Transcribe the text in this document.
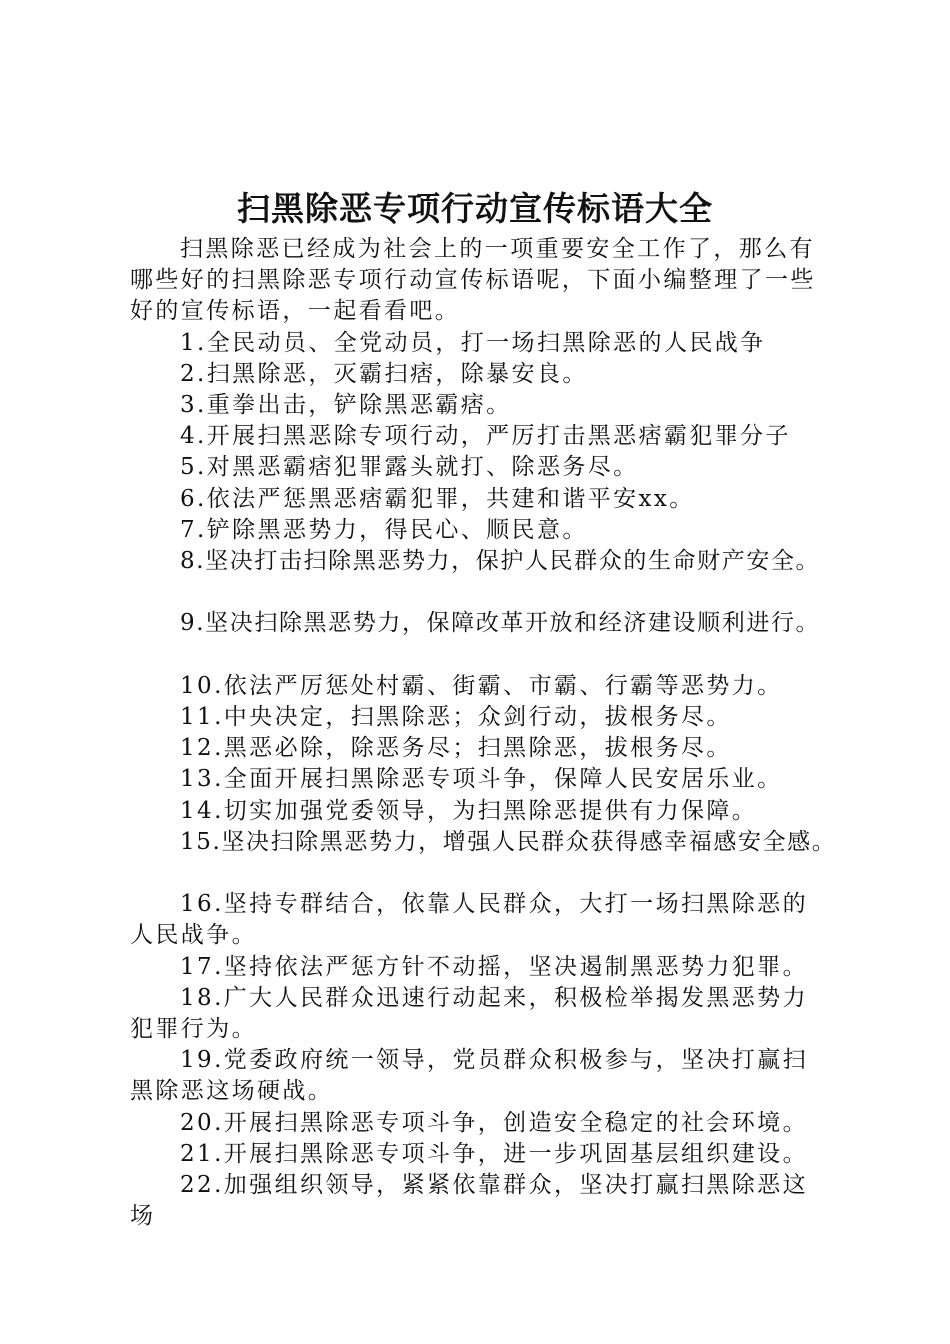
扫黑除恶专项行动宣传标语大全

扫黑除恶已经成为社会上的一项重要安全工作了，那么有哪些好的扫黑除恶专项行动宣传标语呢，下面小编整理了一些好的宣传标语，一起看看吧。

1.全民动员、全党动员，打一场扫黑除恶的人民战争

2.扫黑除恶，灭霸扫痞，除暴安良。

3.重拳出击，铲除黑恶霸痞。

4.开展扫黑恶除专项行动，严厉打击黑恶痞霸犯罪分子

5.对黑恶霸痞犯罪露头就打、除恶务尽。

6.依法严惩黑恶痞霸犯罪，共建和谐平安xx。

7.铲除黑恶势力，得民心、顺民意。

8.坚决打击扫除黑恶势力，保护人民群众的生命财产安全。

9.坚决扫除黑恶势力，保障改革开放和经济建设顺利进行。

10.依法严厉惩处村霸、街霸、市霸、行霸等恶势力。

11.中央决定，扫黑除恶；众剑行动，拔根务尽。

12.黑恶必除，除恶务尽；扫黑除恶，拔根务尽。

13.全面开展扫黑除恶专项斗争，保障人民安居乐业。

14.切实加强党委领导，为扫黑除恶提供有力保障。

15.坚决扫除黑恶势力，增强人民群众获得感幸福感安全感。

16.坚持专群结合，依靠人民群众，大打一场扫黑除恶的人民战争。

17.坚持依法严惩方针不动摇，坚决遏制黑恶势力犯罪。

18.广大人民群众迅速行动起来，积极检举揭发黑恶势力犯罪行为。

19.党委政府统一领导，党员群众积极参与，坚决打赢扫黑除恶这场硬战。

20.开展扫黑除恶专项斗争，创造安全稳定的社会环境。

21.开展扫黑除恶专项斗争，进一步巩固基层组织建设。

22.加强组织领导，紧紧依靠群众，坚决打赢扫黑除恶这场
